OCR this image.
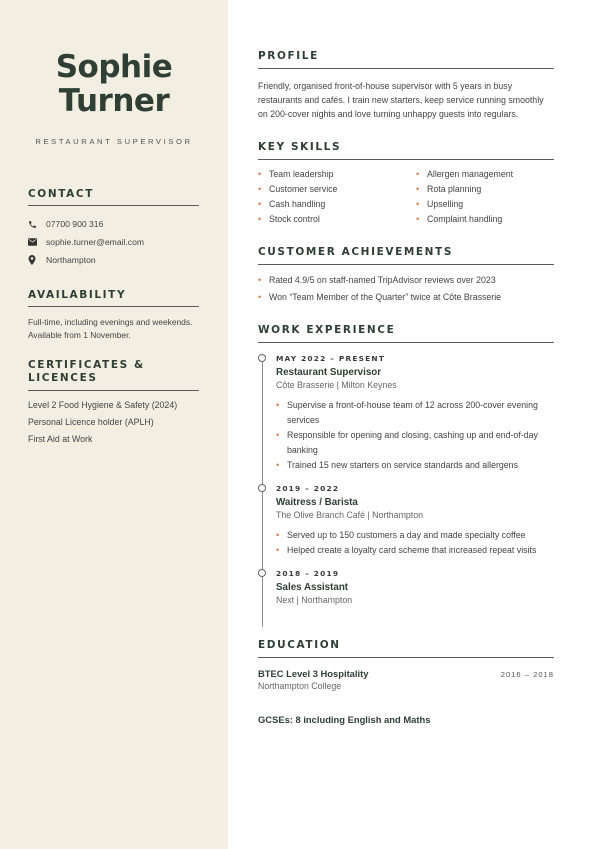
Sophie
Turner
RESTAURANT SUPERVISOR
CONTACT
07700 900 316
sophie.turner@email.com
Northampton
AVAILABILITY

Full-time, including evenings and weekends. Available from 1 November.

CERTIFICATES & LICENCES
Level 2 Food Hygiene & Safety (2024)
Personal Licence holder (APLH)
First Aid at Work
PROFILE

Friendly, organised front-of-house supervisor with 5 years in busy restaurants and cafés. I train new starters, keep service running smoothly on 200-cover nights and love turning unhappy guests into regulars.

KEY SKILLS
• Team leadership
• Customer service
• Cash handling
• Stock control
• Allergen management
• Rota planning
• Upselling
• Complaint handling
CUSTOMER ACHIEVEMENTS
• Rated 4.9/5 on staff-named TripAdvisor reviews over 2023
• Won “Team Member of the Quarter” twice at Côte Brasserie
WORK EXPERIENCE
MAY 2022 – PRESENT
Restaurant Supervisor
Côte Brasserie | Milton Keynes
• Supervise a front-of-house team of 12 across 200-cover evening services
• Responsible for opening and closing, cashing up and end-of-day banking
• Trained 15 new starters on service standards and allergens
2019 – 2022
Waitress / Barista
The Olive Branch Café | Northampton
• Served up to 150 customers a day and made specialty coffee
• Helped create a loyalty card scheme that increased repeat visits
2018 – 2019
Sales Assistant
Next | Northampton
EDUCATION
BTEC Level 3 Hospitality	2016 – 2018
Northampton College
GCSEs: 8 including English and Maths
